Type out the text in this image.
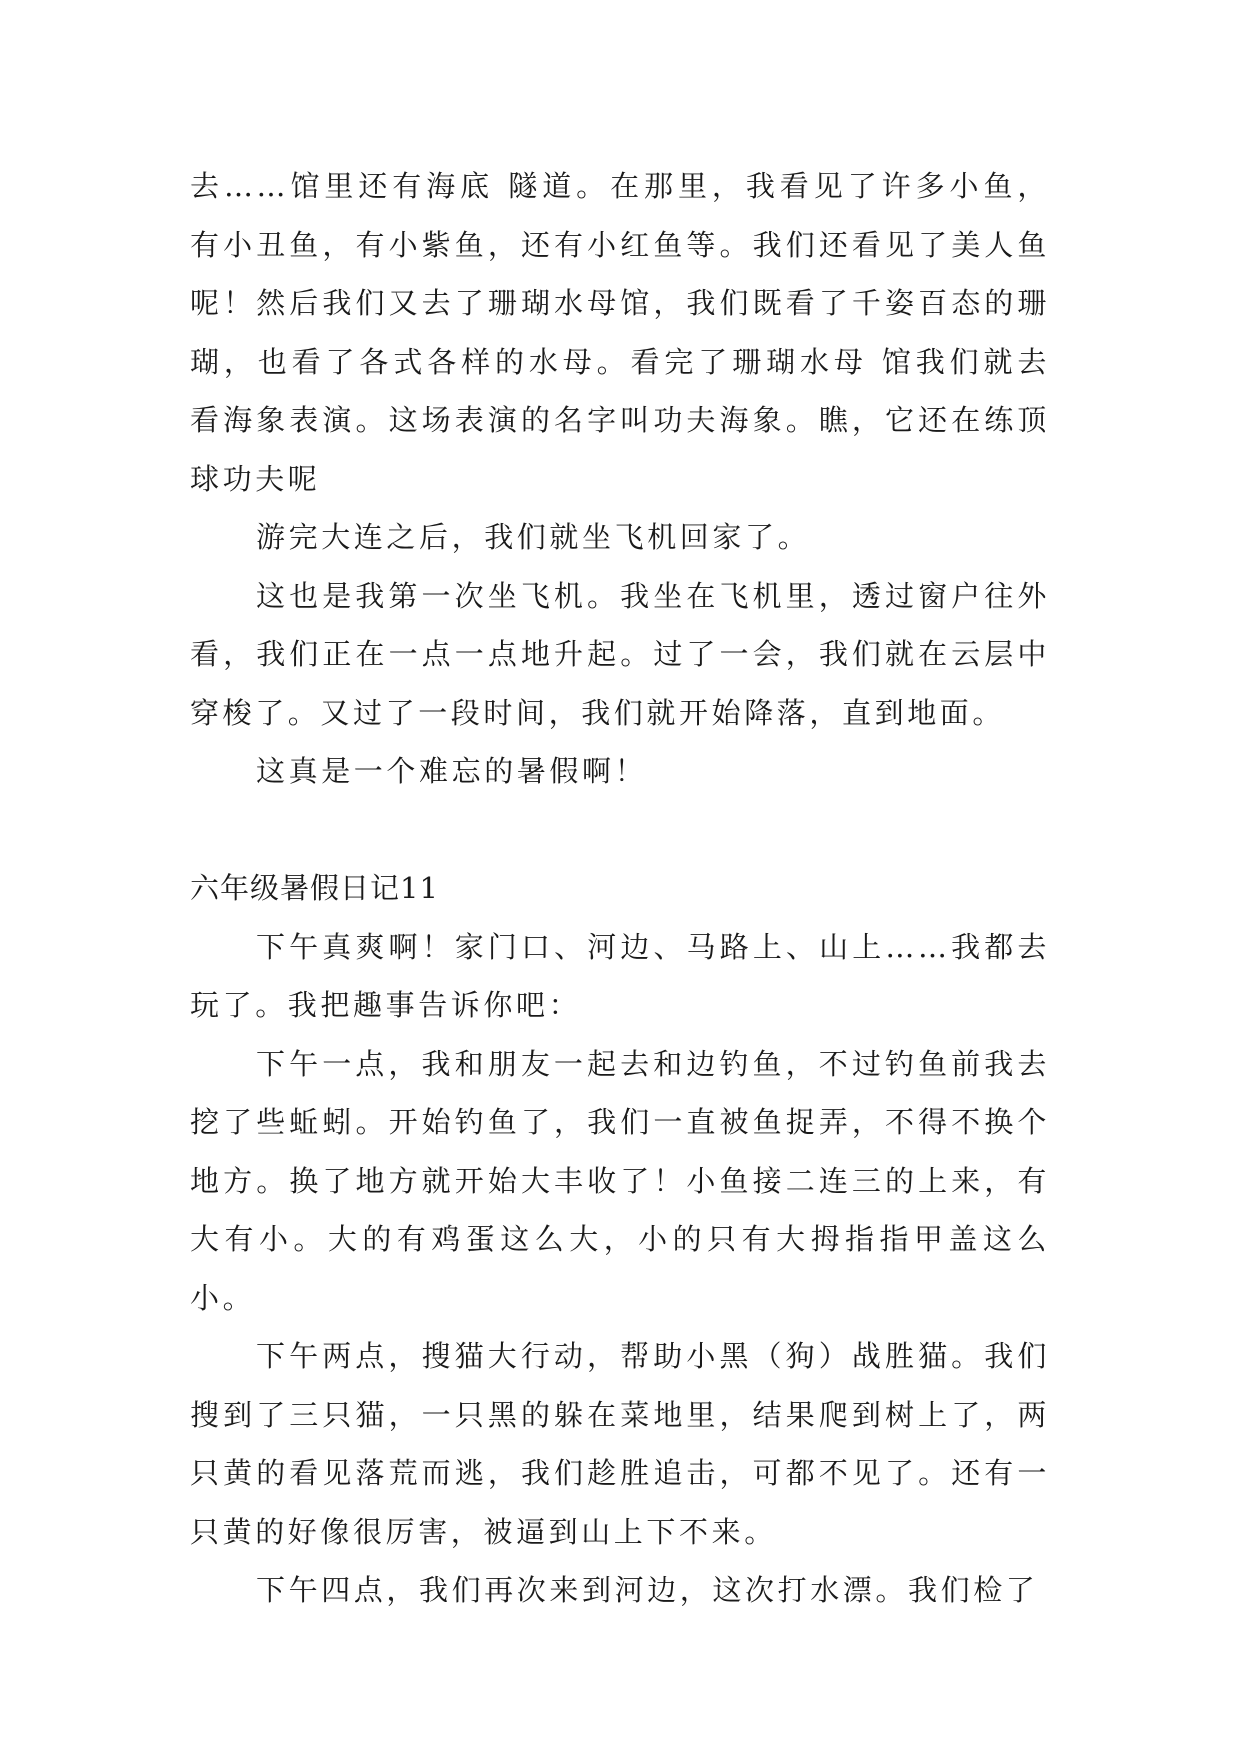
去……馆里还有海底 隧道。在那里，我看见了许多小鱼，有小丑鱼，有小紫鱼，还有小红鱼等。我们还看见了美人鱼呢！然后我们又去了珊瑚水母馆，我们既看了千姿百态的珊瑚，也看了各式各样的水母。看完了珊瑚水母 馆我们就去看海象表演。这场表演的名字叫功夫海象。瞧，它还在练顶球功夫呢

游完大连之后，我们就坐飞机回家了。

这也是我第一次坐飞机。我坐在飞机里，透过窗户往外看，我们正在一点一点地升起。过了一会，我们就在云层中穿梭了。又过了一段时间，我们就开始降落，直到地面。

这真是一个难忘的暑假啊！

六年级暑假日记11

下午真爽啊！家门口、河边、马路上、山上……我都去玩了。我把趣事告诉你吧：

下午一点，我和朋友一起去和边钓鱼，不过钓鱼前我去挖了些蚯蚓。开始钓鱼了，我们一直被鱼捉弄，不得不换个地方。换了地方就开始大丰收了！小鱼接二连三的上来，有大有小。大的有鸡蛋这么大，小的只有大拇指指甲盖这么小。

下午两点，搜猫大行动，帮助小黑（狗）战胜猫。我们搜到了三只猫，一只黑的躲在菜地里，结果爬到树上了，两只黄的看见落荒而逃，我们趁胜追击，可都不见了。还有一只黄的好像很厉害，被逼到山上下不来。

下午四点，我们再次来到河边，这次打水漂。我们检了
